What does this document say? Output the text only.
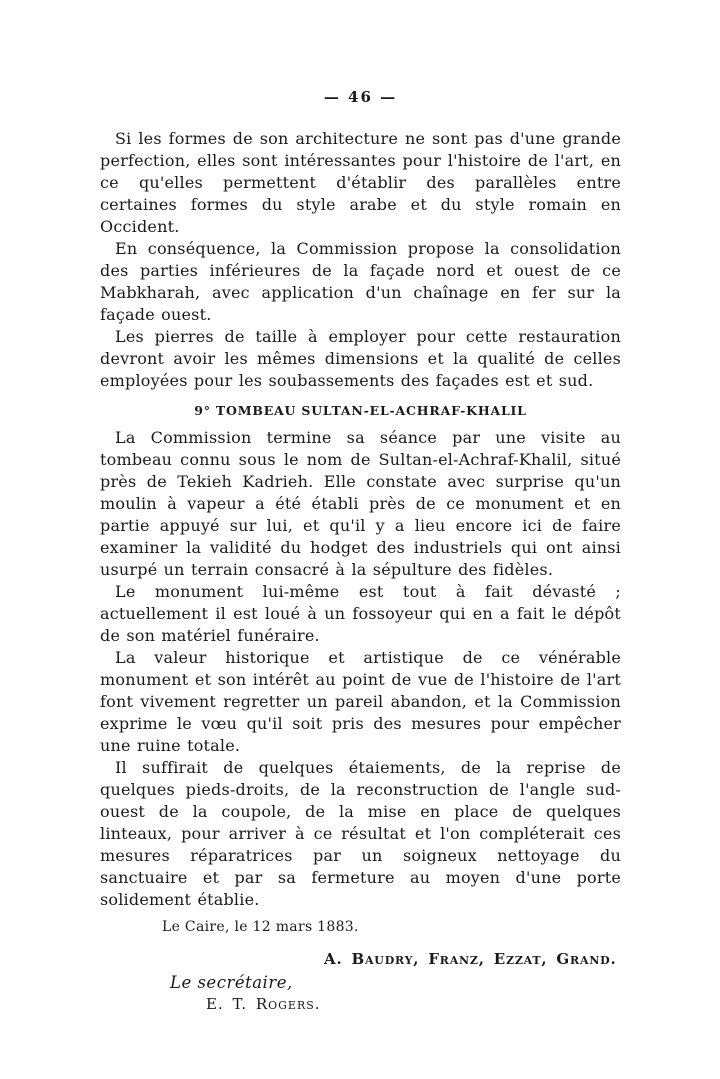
— 46 —

Si les formes de son architecture ne sont pas d'une grande perfection, elles sont intéressantes pour l'histoire de l'art, en ce qu'elles permettent d'établir des parallèles entre certaines formes du style arabe et du style romain en Occident.

En conséquence, la Commission propose la consolidation des parties inférieures de la façade nord et ouest de ce Mabkharah, avec application d'un chaînage en fer sur la façade ouest.

Les pierres de taille à employer pour cette restauration devront avoir les mêmes dimensions et la qualité de celles employées pour les soubassements des façades est et sud.

9° TOMBEAU SULTAN-EL-ACHRAF-KHALIL

La Commission termine sa séance par une visite au tombeau connu sous le nom de Sultan-el-Achraf-Khalil, situé près de Tekieh Kadrieh. Elle constate avec surprise qu'un moulin à vapeur a été établi près de ce monument et en partie appuyé sur lui, et qu'il y a lieu encore ici de faire examiner la validité du hodget des industriels qui ont ainsi usurpé un terrain consacré à la sépulture des fidèles.

Le monument lui-même est tout à fait dévasté ; actuellement il est loué à un fossoyeur qui en a fait le dépôt de son matériel funéraire.

La valeur historique et artistique de ce vénérable monument et son intérêt au point de vue de l'histoire de l'art font vivement regretter un pareil abandon, et la Commission exprime le vœu qu'il soit pris des mesures pour empêcher une ruine totale.

Il suffirait de quelques étaiements, de la reprise de quelques pieds-droits, de la reconstruction de l'angle sud-ouest de la coupole, de la mise en place de quelques linteaux, pour arriver à ce résultat et l'on compléterait ces mesures réparatrices par un soigneux nettoyage du sanctuaire et par sa fermeture au moyen d'une porte solidement établie.

Le Caire, le 12 mars 1883.
A. Baudry, Franz, Ezzat, Grand.
Le secrétaire,
E. T. Rogers.
